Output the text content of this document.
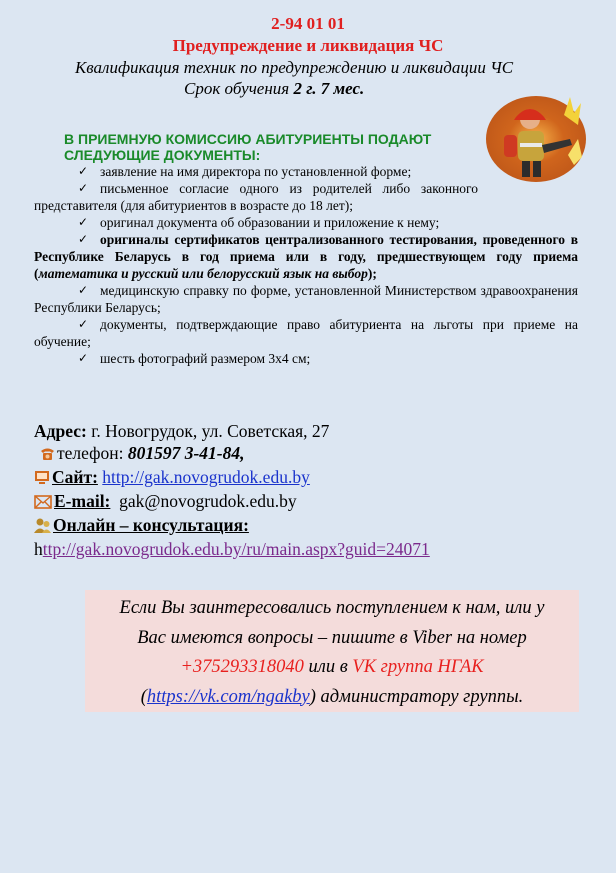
2-94 01 01
Предупреждение и ликвидация ЧС
Квалификация техник по предупреждению и ликвидации ЧС
Срок обучения 2 г. 7 мес.
В ПРИЕМНУЮ КОМИССИЮ АБИТУРИЕНТЫ ПОДАЮТ
СЛЕДУЮЩИЕ ДОКУМЕНТЫ:
✓ заявление на имя директора по установленной форме;
✓ письменное согласие одного из родителей либо законного представителя (для абитуриентов в возрасте до 18 лет);
✓ оригинал документа об образовании и приложение к нему;
✓ оригиналы сертификатов централизованного тестирования, проведенного в Республике Беларусь в год приема или в году, предшествующем году приема (математика и русский или белорусский язык на выбор);
✓ медицинскую справку по форме, установленной Министерством здравоохранения Республики Беларусь;
✓ документы, подтверждающие право абитуриента на льготы при приеме на обучение;
✓ шесть фотографий размером 3x4 см;
Адрес: г. Новогрудок, ул. Советская, 27
телефон: 801597 3-41-84,
Сайт: http://gak.novogrudok.edu.by
E-mail: gak@novogrudok.edu.by
Онлайн – консультация:
http://gak.novogrudok.edu.by/ru/main.aspx?guid=24071
Если Вы заинтересовались поступлением к нам, или у
Вас имеются вопросы – пишите в Viber на номер
+375293318040 или в VK группа НГАК
(https://vk.com/ngakby) администратору группы.
